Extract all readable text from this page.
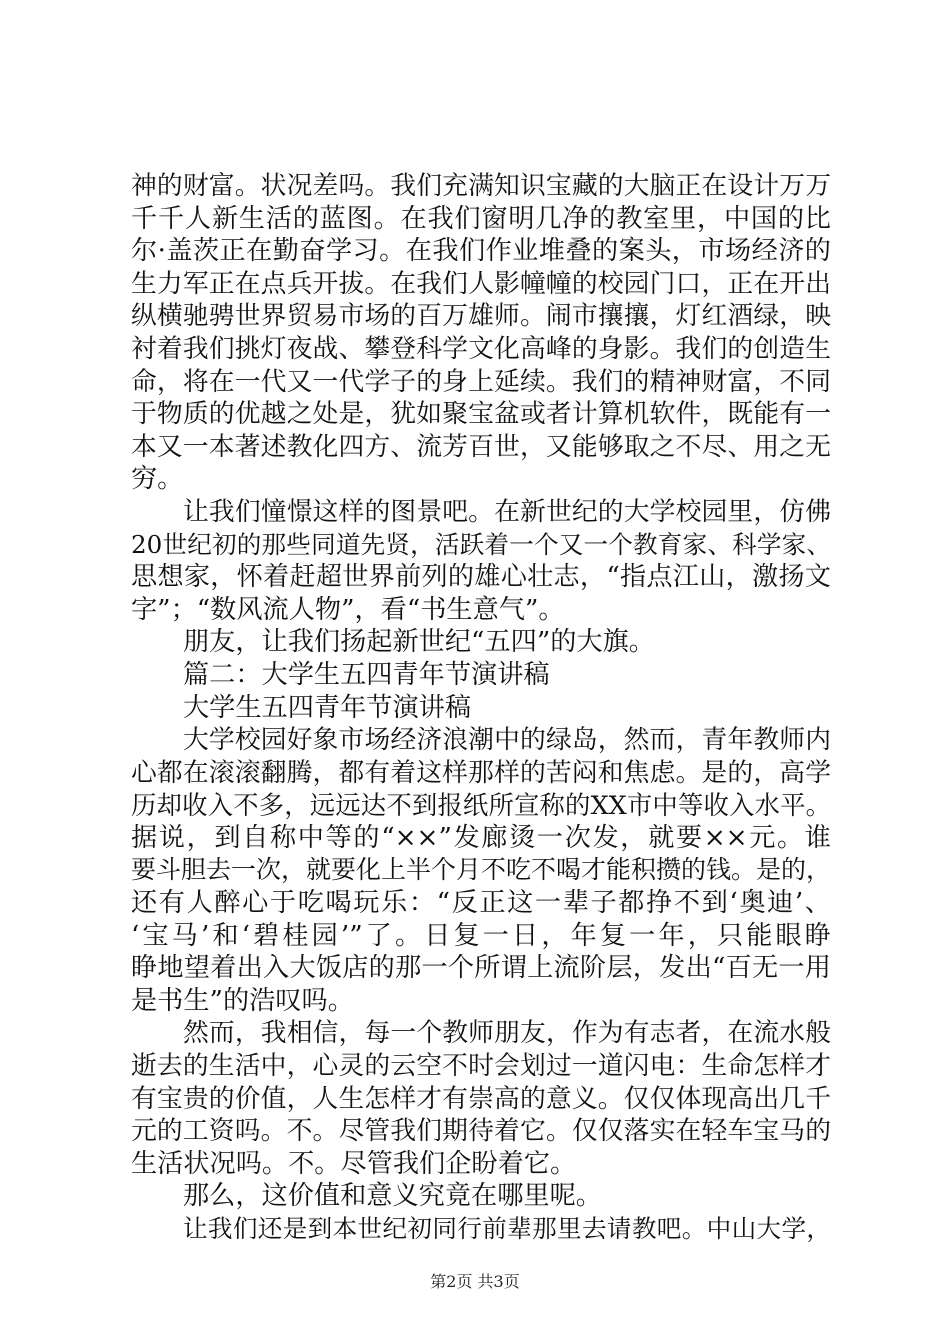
神的财富。状况差吗。我们充满知识宝藏的大脑正在设计万万
千千人新生活的蓝图。在我们窗明几净的教室里，中国的比
尔·盖茨正在勤奋学习。在我们作业堆叠的案头，市场经济的
生力军正在点兵开拔。在我们人影幢幢的校园门口，正在开出
纵横驰骋世界贸易市场的百万雄师。闹市攘攘，灯红酒绿，映
衬着我们挑灯夜战、攀登科学文化高峰的身影。我们的创造生
命，将在一代又一代学子的身上延续。我们的精神财富，不同
于物质的优越之处是，犹如聚宝盆或者计算机软件，既能有一
本又一本著述教化四方、流芳百世，又能够取之不尽、用之无
穷。
让我们憧憬这样的图景吧。在新世纪的大学校园里，仿佛
20世纪初的那些同道先贤，活跃着一个又一个教育家、科学家、
思想家，怀着赶超世界前列的雄心壮志，“指点江山，激扬文
字”；“数风流人物”，看“书生意气”。
朋友，让我们扬起新世纪“五四”的大旗。
篇二：大学生五四青年节演讲稿
大学生五四青年节演讲稿
大学校园好象市场经济浪潮中的绿岛，然而，青年教师内
心都在滚滚翻腾，都有着这样那样的苦闷和焦虑。是的，高学
历却收入不多，远远达不到报纸所宣称的XX市中等收入水平。
据说，到自称中等的“××”发廊烫一次发，就要××元。谁
要斗胆去一次，就要化上半个月不吃不喝才能积攒的钱。是的，
还有人醉心于吃喝玩乐：“反正这一辈子都挣不到‘奥迪’、
‘宝马’和‘碧桂园’”了。日复一日，年复一年，只能眼睁
睁地望着出入大饭店的那一个所谓上流阶层，发出“百无一用
是书生”的浩叹吗。
然而，我相信，每一个教师朋友，作为有志者，在流水般
逝去的生活中，心灵的云空不时会划过一道闪电：生命怎样才
有宝贵的价值，人生怎样才有崇高的意义。仅仅体现高出几千
元的工资吗。不。尽管我们期待着它。仅仅落实在轻车宝马的
生活状况吗。不。尽管我们企盼着它。
那么，这价值和意义究竟在哪里呢。
让我们还是到本世纪初同行前辈那里去请教吧。中山大学，
第2页 共3页
